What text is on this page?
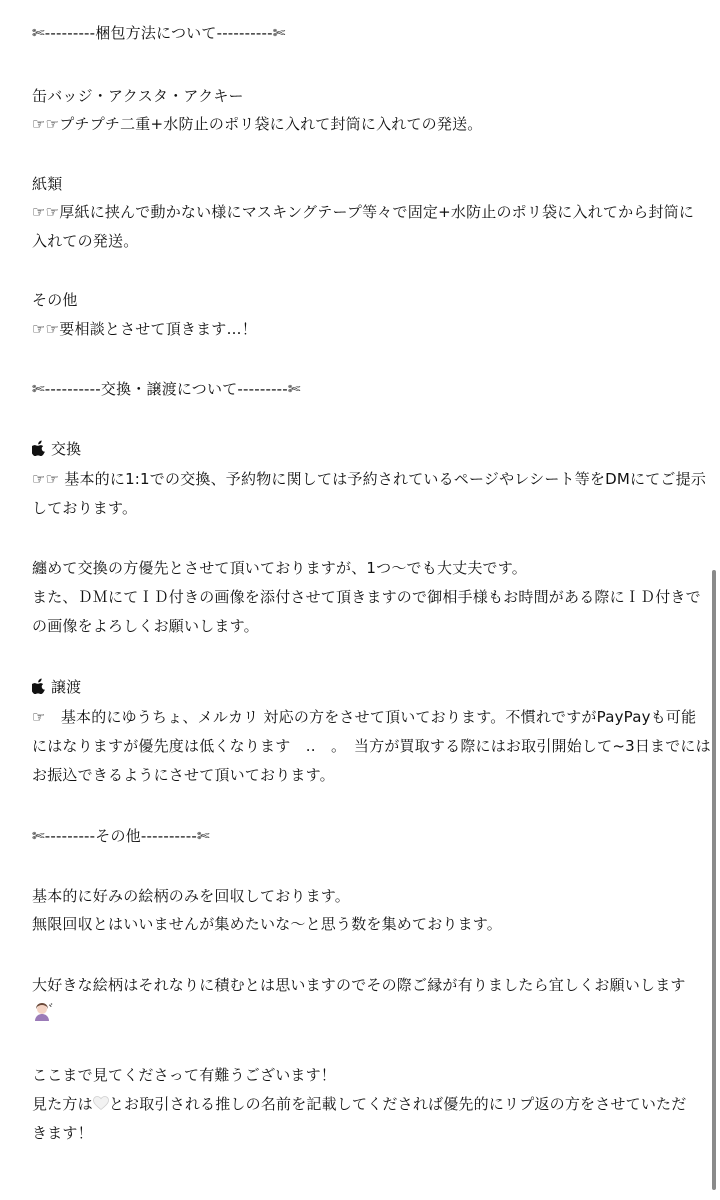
✄---------梱包方法について----------✄
缶バッジ・アクスタ・アクキー
☞☞プチプチ二重+水防止のポリ袋に入れて封筒に入れての発送。
紙類
☞☞厚紙に挟んで動かない様にマスキングテープ等々で固定+水防止のポリ袋に入れてから封筒に
入れての発送。
その他
☞☞要相談とさせて頂きます…！
✄----------交換・譲渡について---------✄
交換
☞☞ 基本的に1:1での交換、予約物に関しては予約されているページやレシート等をDMにてご提示
しております。
纏めて交換の方優先とさせて頂いておりますが、1つ～でも大丈夫です。
また、ＤＭにてＩＤ付きの画像を添付させて頂きますので御相手様もお時間がある際にＩＤ付きで
の画像をよろしくお願いします。
譲渡
☞　基本的にゆうちょ、メルカリ 対応の方をさせて頂いております。不慣れですがPayPayも可能
にはなりますが優先度は低くなります　‥　。　当方が買取する際にはお取引開始して~3日までには
お振込できるようにさせて頂いております。
✄---------その他----------✄
基本的に好みの絵柄のみを回収しております。
無限回収とはいいませんが集めたいな～と思う数を集めております。
大好きな絵柄はそれなりに積むとは思いますのでその際ご縁が有りましたら宜しくお願いします
ここまで見てくださって有難うございます！
見た方は とお取引される推しの名前を記載してくだされば優先的にリプ返の方をさせていただ
きます！
